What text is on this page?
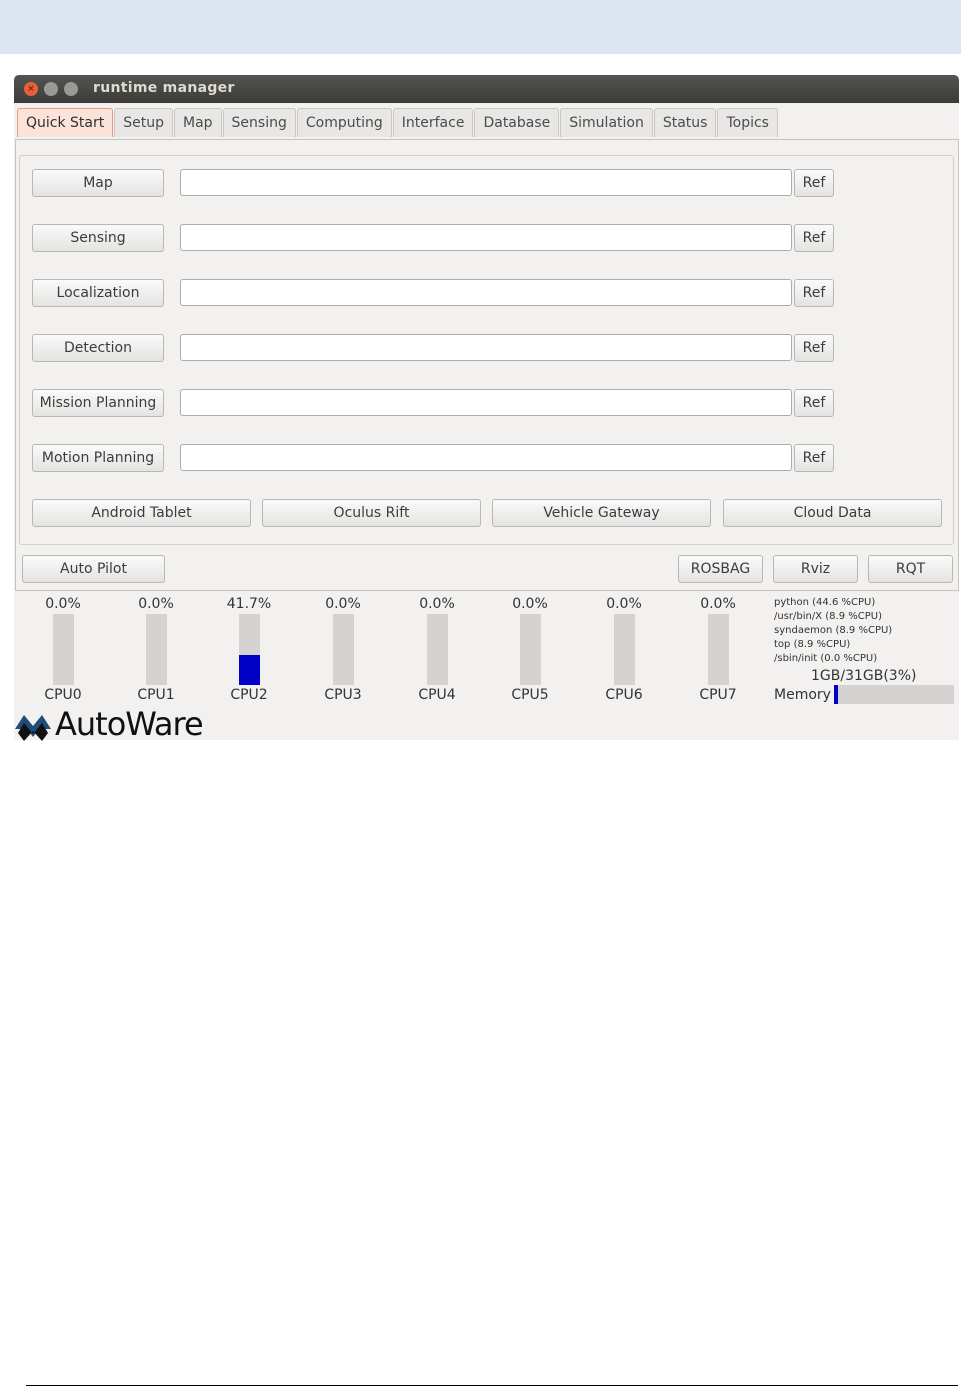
×	runtime manager
Quick Start	Setup	Map	Sensing	Computing	Interface	Database	Simulation	Status	Topics
Map	Ref
Sensing	Ref
Localization	Ref
Detection	Ref
Mission Planning	Ref
Motion Planning	Ref
Android Tablet	Oculus Rift	Vehicle Gateway	Cloud Data
Auto Pilot	ROSBAG	Rviz	RQT
0.0%
CPU0
0.0%
CPU1
41.7%
CPU2
0.0%
CPU3
0.0%
CPU4
0.0%
CPU5
0.0%
CPU6
0.0%
CPU7
python (44.6 %CPU)
/usr/bin/X (8.9 %CPU)
syndaemon (8.9 %CPU)
top (8.9 %CPU)
/sbin/init (0.0 %CPU)
1GB/31GB(3%)
Memory
AutoWare
